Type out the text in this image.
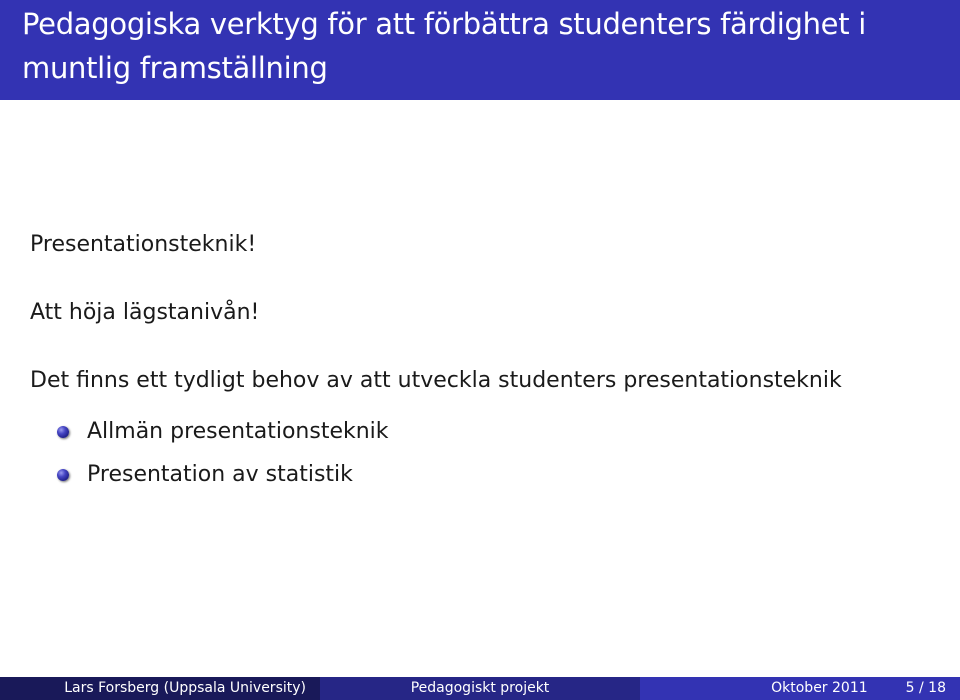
Pedagogiska verktyg för att förbättra studenters färdighet i muntlig framställning

Presentationsteknik!

Att höja lägstanivån!

Det finns ett tydligt behov av att utveckla studenters presentationsteknik

Allmän presentationsteknik
Presentation av statistik
Lars Forsberg (Uppsala University)	Pedagogiskt projekt	Oktober 2011	5 / 18
